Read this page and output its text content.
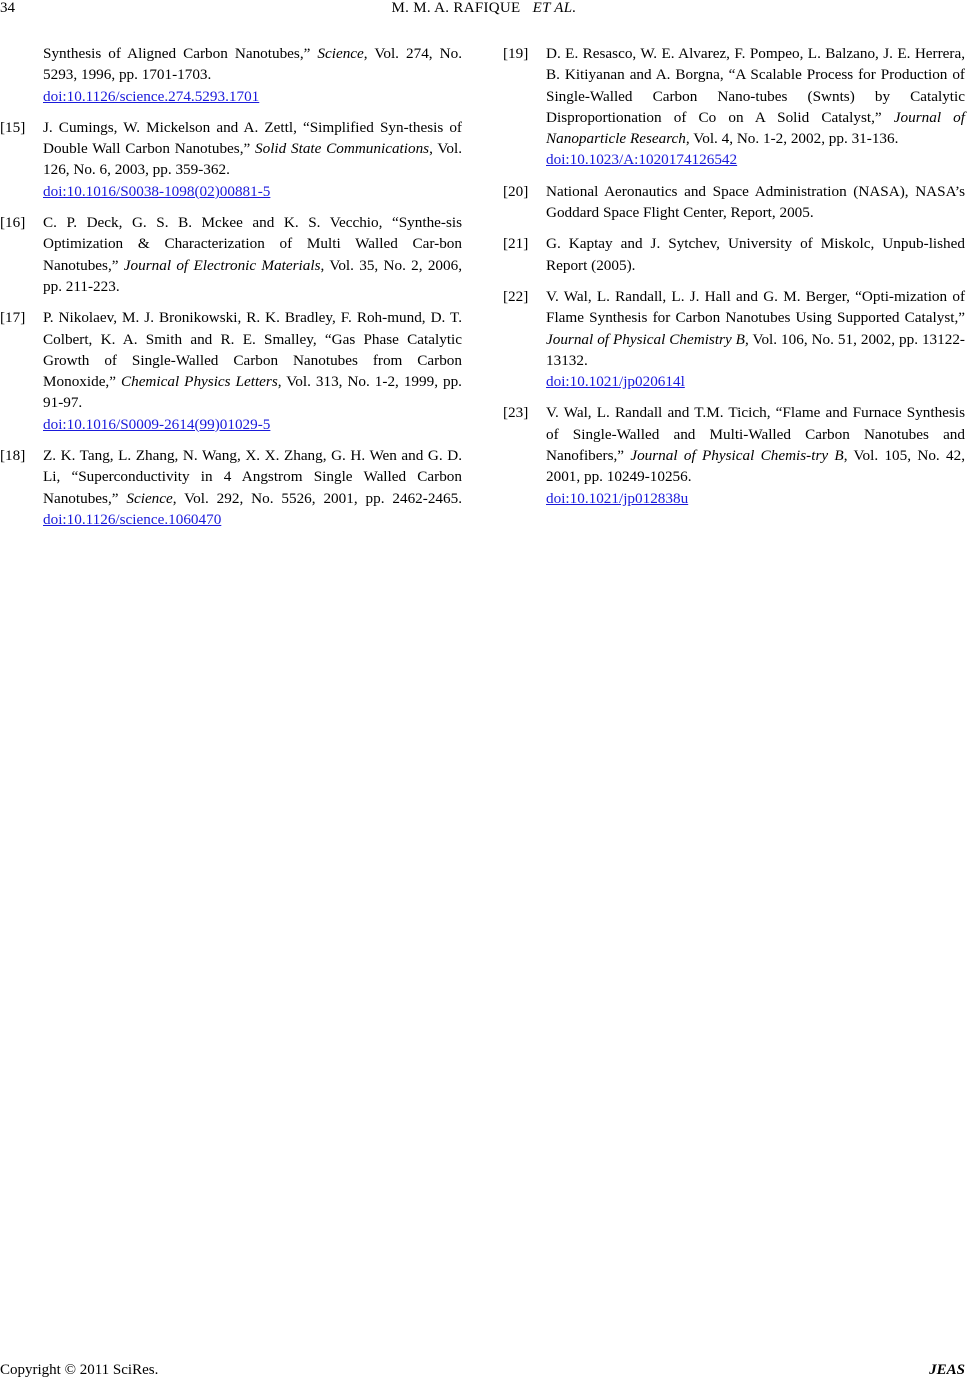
34	M. M. A. RAFIQUE ET AL.
Synthesis of Aligned Carbon Nanotubes,” Science, Vol. 274, No. 5293, 1996, pp. 1701-1703.
doi:10.1126/science.274.5293.1701
[15] J. Cumings, W. Mickelson and A. Zettl, “Simplified Syn-thesis of Double Wall Carbon Nanotubes,” Solid State Communications, Vol. 126, No. 6, 2003, pp. 359-362.
doi:10.1016/S0038-1098(02)00881-5
[16] C. P. Deck, G. S. B. Mckee and K. S. Vecchio, “Synthe-sis Optimization & Characterization of Multi Walled Car-bon Nanotubes,” Journal of Electronic Materials, Vol. 35, No. 2, 2006, pp. 211-223.
[17] P. Nikolaev, M. J. Bronikowski, R. K. Bradley, F. Roh-mund, D. T. Colbert, K. A. Smith and R. E. Smalley, “Gas Phase Catalytic Growth of Single-Walled Carbon Nanotubes from Carbon Monoxide,” Chemical Physics Letters, Vol. 313, No. 1-2, 1999, pp. 91-97.
doi:10.1016/S0009-2614(99)01029-5
[18] Z. K. Tang, L. Zhang, N. Wang, X. X. Zhang, G. H. Wen and G. D. Li, “Superconductivity in 4 Angstrom Single Walled Carbon Nanotubes,” Science, Vol. 292, No. 5526, 2001, pp. 2462-2465. doi:10.1126/science.1060470
[19] D. E. Resasco, W. E. Alvarez, F. Pompeo, L. Balzano, J. E. Herrera, B. Kitiyanan and A. Borgna, “A Scalable Process for Production of Single-Walled Carbon Nano-tubes (Swnts) by Catalytic Disproportionation of Co on A Solid Catalyst,” Journal of Nanoparticle Research, Vol. 4, No. 1-2, 2002, pp. 31-136.
doi:10.1023/A:1020174126542
[20] National Aeronautics and Space Administration (NASA), NASA’s Goddard Space Flight Center, Report, 2005.
[21] G. Kaptay and J. Sytchev, University of Miskolc, Unpub-lished Report (2005).
[22] V. Wal, L. Randall, L. J. Hall and G. M. Berger, “Opti-mization of Flame Synthesis for Carbon Nanotubes Using Supported Catalyst,” Journal of Physical Chemistry B, Vol. 106, No. 51, 2002, pp. 13122-13132.
doi:10.1021/jp020614l
[23] V. Wal, L. Randall and T.M. Ticich, “Flame and Furnace Synthesis of Single-Walled and Multi-Walled Carbon Nanotubes and Nanofibers,” Journal of Physical Chemis-try B, Vol. 105, No. 42, 2001, pp. 10249-10256.
doi:10.1021/jp012838u
Copyright © 2011 SciRes.	JEAS
